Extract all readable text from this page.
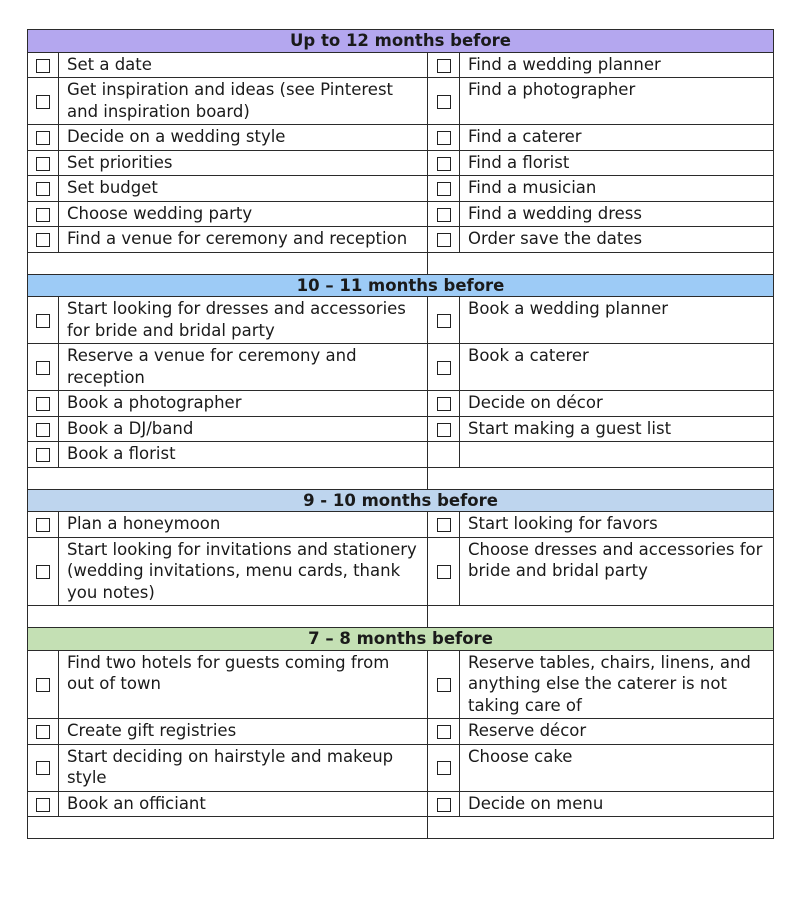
Up to 12 months before			
	Set a date		Find a wedding planner
	Get inspiration and ideas (see Pinterest and inspiration board)		Find a photographer
	Decide on a wedding style		Find a caterer
	Set priorities		Find a florist
	Set budget		Find a musician
	Choose wedding party		Find a wedding dress
	Find a venue for ceremony and reception		Order save the dates

10 – 11 months before			
	Start looking for dresses and accessories for bride and bridal party		Book a wedding planner
	Reserve a venue for ceremony and reception		Book a caterer
	Book a photographer		Decide on décor
	Book a DJ/band		Start making a guest list
	Book a florist		

9 - 10 months before			
	Plan a honeymoon		Start looking for favors
	Start looking for invitations and stationery (wedding invitations, menu cards, thank you notes)		Choose dresses and accessories for bride and bridal party

7 – 8 months before			
	Find two hotels for guests coming from out of town		Reserve tables, chairs, linens, and anything else the caterer is not taking care of
	Create gift registries		Reserve décor
	Start deciding on hairstyle and makeup style		Choose cake
	Book an officiant		Decide on menu
